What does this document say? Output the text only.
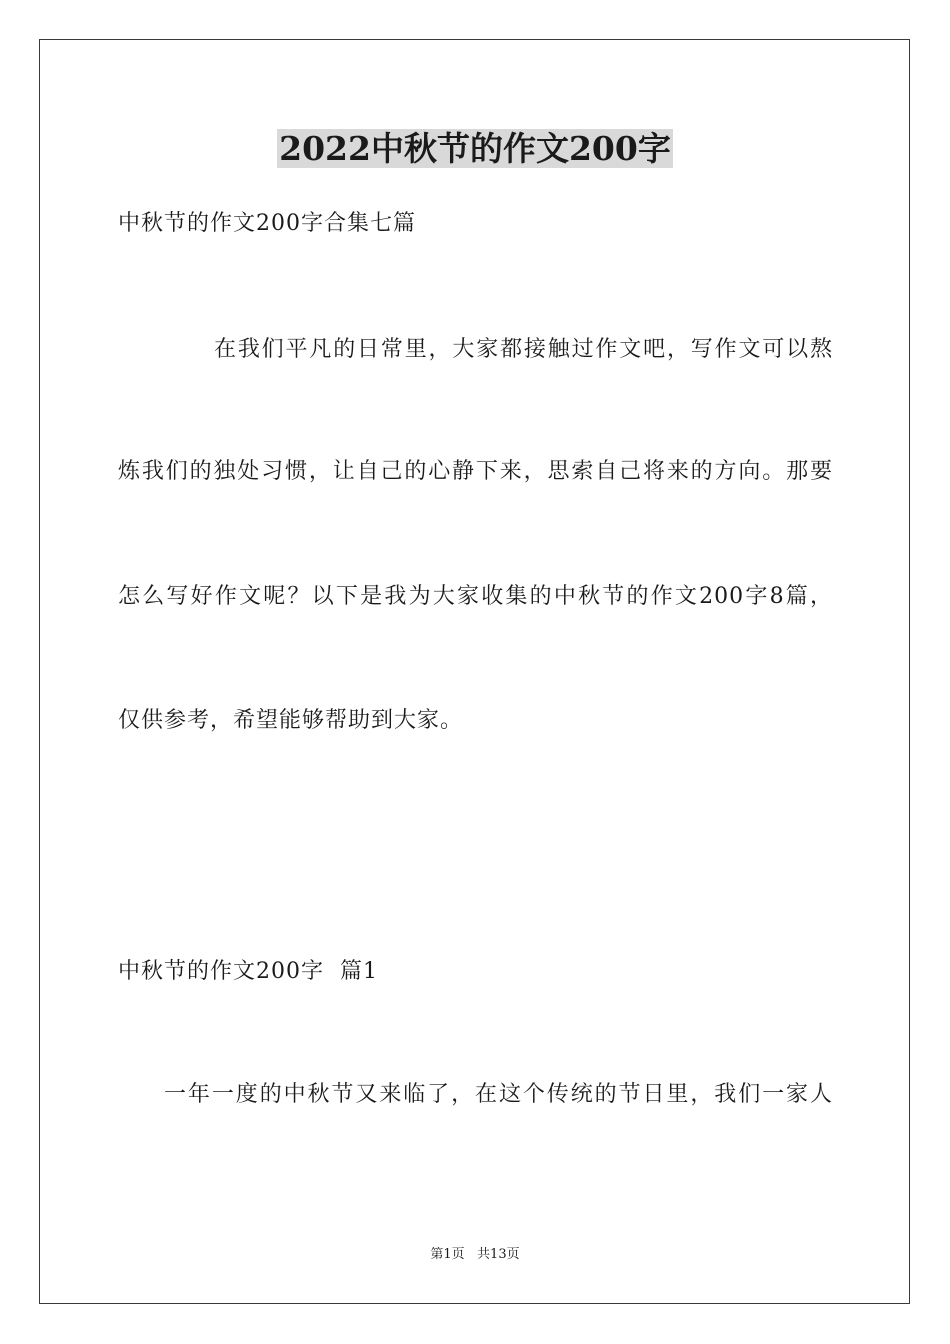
2022中秋节的作文200字
中秋节的作文200字合集七篇
在我们平凡的日常里，大家都接触过作文吧，写作文可以熬
炼我们的独处习惯，让自己的心静下来，思索自己将来的方向。那要
怎么写好作文呢？以下是我为大家收集的中秋节的作文200字8篇，
仅供参考，希望能够帮助到大家。
中秋节的作文200字  篇1
一年一度的中秋节又来临了，在这个传统的节日里，我们一家人
第1页   共13页
